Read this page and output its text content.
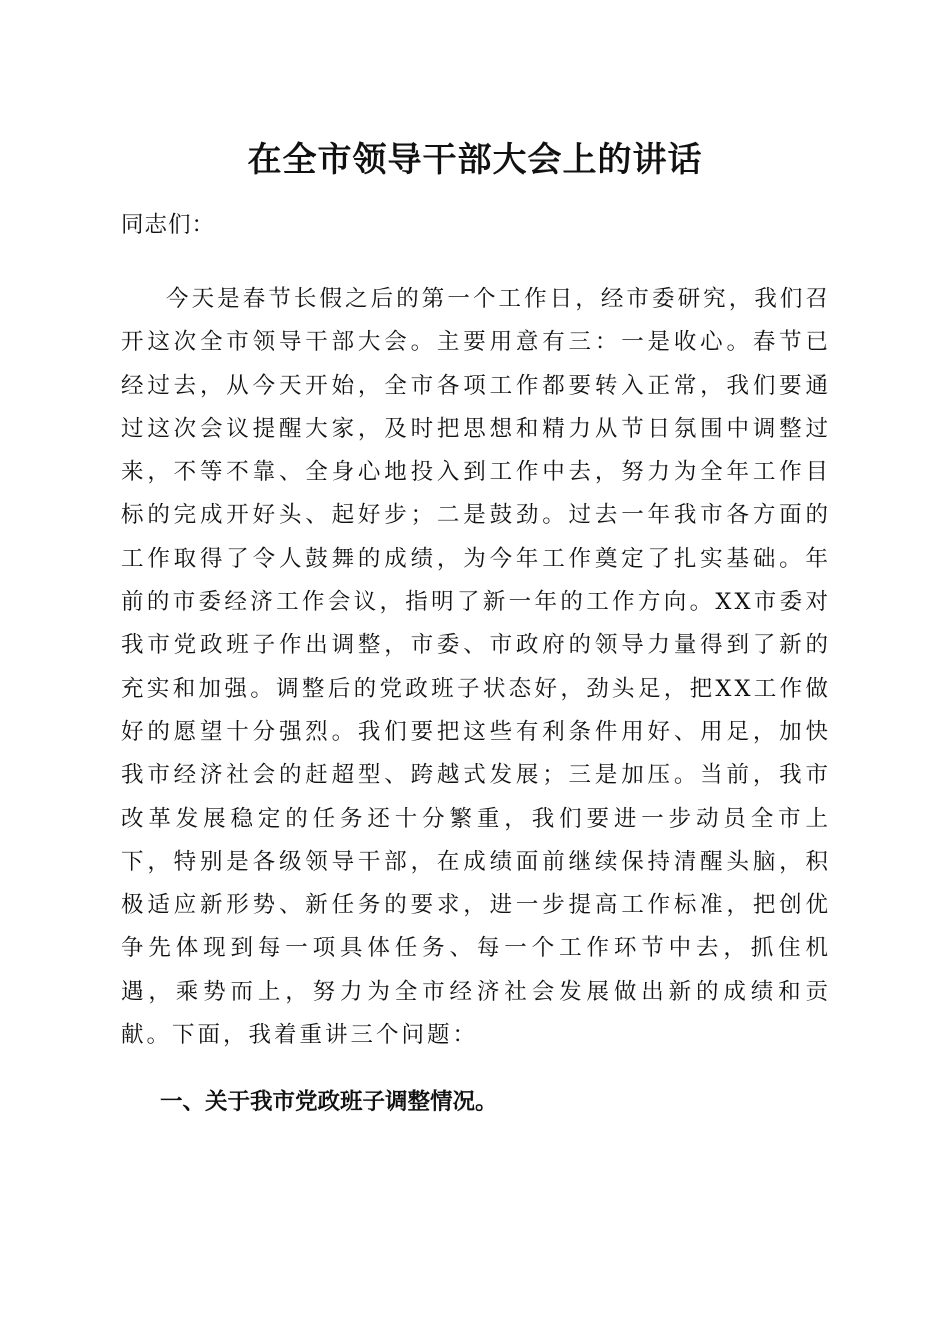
在全市领导干部大会上的讲话

同志们：

今天是春节长假之后的第一个工作日，经市委研究，我们召开这次全市领导干部大会。主要用意有三：一是收心。春节已经过去，从今天开始，全市各项工作都要转入正常，我们要通过这次会议提醒大家，及时把思想和精力从节日氛围中调整过来，不等不靠、全身心地投入到工作中去，努力为全年工作目标的完成开好头、起好步；二是鼓劲。过去一年我市各方面的工作取得了令人鼓舞的成绩，为今年工作奠定了扎实基础。年前的市委经济工作会议，指明了新一年的工作方向。XX市委对我市党政班子作出调整，市委、市政府的领导力量得到了新的充实和加强。调整后的党政班子状态好，劲头足，把XX工作做好的愿望十分强烈。我们要把这些有利条件用好、用足，加快我市经济社会的赶超型、跨越式发展；三是加压。当前，我市改革发展稳定的任务还十分繁重，我们要进一步动员全市上下，特别是各级领导干部，在成绩面前继续保持清醒头脑，积极适应新形势、新任务的要求，进一步提高工作标准，把创优争先体现到每一项具体任务、每一个工作环节中去，抓住机遇，乘势而上，努力为全市经济社会发展做出新的成绩和贡献。下面，我着重讲三个问题：

一、关于我市党政班子调整情况。
